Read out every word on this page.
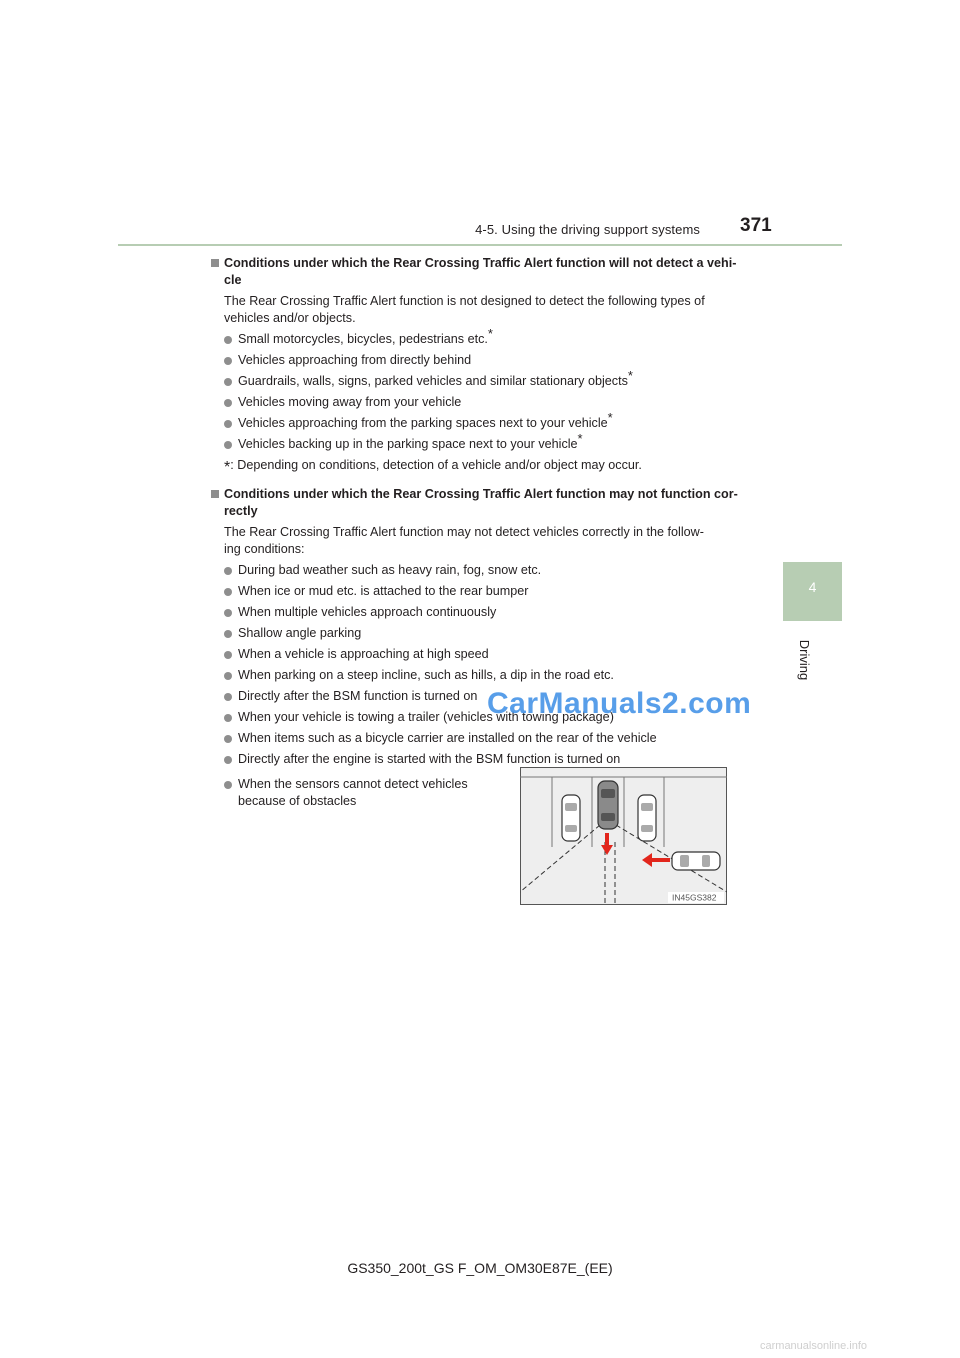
4-5. Using the driving support systems 371
4
Driving
Conditions under which the Rear Crossing Traffic Alert function will not detect a vehi-
cle
The Rear Crossing Traffic Alert function is not designed to detect the following types of
vehicles and/or objects.
Small motorcycles, bicycles, pedestrians etc.*
Vehicles approaching from directly behind
Guardrails, walls, signs, parked vehicles and similar stationary objects*
Vehicles moving away from your vehicle
Vehicles approaching from the parking spaces next to your vehicle*
Vehicles backing up in the parking space next to your vehicle*
*: Depending on conditions, detection of a vehicle and/or object may occur.
Conditions under which the Rear Crossing Traffic Alert function may not function cor-
rectly
The Rear Crossing Traffic Alert function may not detect vehicles correctly in the follow-
ing conditions:
During bad weather such as heavy rain, fog, snow etc.
When ice or mud etc. is attached to the rear bumper
When multiple vehicles approach continuously
Shallow angle parking
When a vehicle is approaching at high speed
When parking on a steep incline, such as hills, a dip in the road etc.
Directly after the BSM function is turned on
When your vehicle is towing a trailer (vehicles with towing package)
When items such as a bicycle carrier are installed on the rear of the vehicle
Directly after the engine is started with the BSM function is turned on
When the sensors cannot detect vehicles
because of obstacles
IN45GS382
CarManuals2.com
GS350_200t_GS F_OM_OM30E87E_(EE)
carmanualsonline.info
